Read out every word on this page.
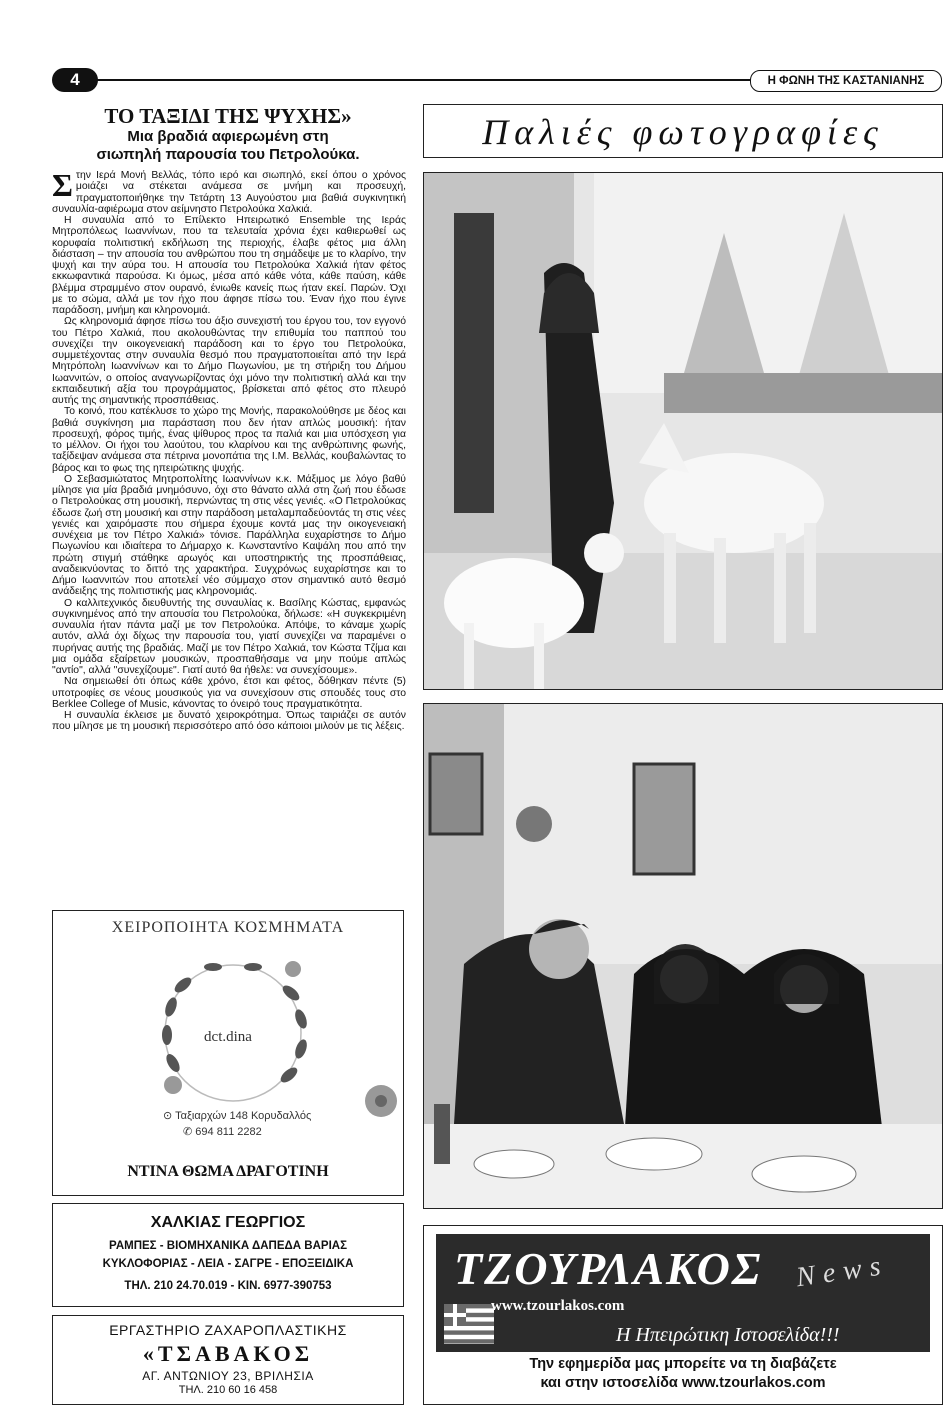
4	Η ΦΩΝΗ ΤΗΣ ΚΑΣΤΑΝΙΑΝΗΣ
ΤΟ ΤΑΞΙΔΙ ΤΗΣ ΨΥΧΗΣ»
Μια βραδιά αφιερωμένη στη
σιωπηλή παρουσία του Πετρολούκα.

Στην Ιερά Μονή Βελλάς, τόπο ιερό και σιωπηλό, εκεί όπου ο χρόνος μοιάζει να στέκεται ανάμεσα σε μνήμη και προσευχή, πραγματοποιήθηκε την Τετάρτη 13 Αυγούστου μια βαθιά συγκινητική συναυλία-αφιέρωμα στον αείμνηστο Πετρολούκα Χαλκιά.

Η συναυλία από το Επίλεκτο Ηπειρωτικό Ensemble της Ιεράς Μητροπόλεως Ιωαννίνων, που τα τελευταία χρόνια έχει καθιερωθεί ως κορυφαία πολιτιστική εκδήλωση της περιοχής, έλαβε φέτος μια άλλη διάσταση – την απουσία του ανθρώπου που τη σημάδεψε με το κλαρίνο, την ψυχή και την αύρα του. Η απουσία του Πετρολούκα Χαλκιά ήταν φέτος εκκωφαντικά παρούσα. Κι όμως, μέσα από κάθε νότα, κάθε παύση, κάθε βλέμμα στραμμένο στον ουρανό, ένιωθε κανείς πως ήταν εκεί. Παρών. Όχι με το σώμα, αλλά με τον ήχο που άφησε πίσω του. Έναν ήχο που έγινε παράδοση, μνήμη και κληρονομιά.

Ως κληρονομιά άφησε πίσω του άξιο συνεχιστή του έργου του, τον εγγονό του Πέτρο Χαλκιά, που ακολουθώντας την επιθυμία του παππού του συνεχίζει την οικογενειακή παράδοση και το έργο του Πετρολούκα, συμμετέχοντας στην συναυλία θεσμό που πραγματοποιείται από την Ιερά Μητρόπολη Ιωαννίνων και το Δήμο Πωγωνίου, με τη στήριξη του Δήμου Ιωαννιτών, ο οποίος αναγνωρίζοντας όχι μόνο την πολιτιστική αλλά και την εκπαιδευτική αξία του προγράμματος, βρίσκεται από φέτος στο πλευρό αυτής της σημαντικής προσπάθειας.

Το κοινό, που κατέκλυσε το χώρο της Μονής, παρακολούθησε με δέος και βαθιά συγκίνηση μια παράσταση που δεν ήταν απλώς μουσική: ήταν προσευχή, φόρος τιμής, ένας ψίθυρος προς τα παλιά και μια υπόσχεση για το μέλλον. Οι ήχοι του λαούτου, του κλαρίνου και της ανθρώπινης φωνής, ταξίδεψαν ανάμεσα στα πέτρινα μονοπάτια της Ι.Μ. Βελλάς, κουβαλώντας το βάρος και το φως της ηπειρώτικης ψυχής.

Ο Σεβασμιώτατος Μητροπολίτης Ιωαννίνων κ.κ. Μάξιμος με λόγο βαθύ μίλησε για μία βραδιά μνημόσυνο, όχι στο θάνατο αλλά στη ζωή που έδωσε ο Πετρολούκας στη μουσική, περνώντας τη στις νέες γενιές. «Ο Πετρολούκας έδωσε ζωή στη μουσική και στην παράδοση μεταλαμπαδεύοντάς τη στις νέες γενιές και χαιρόμαστε που σήμερα έχουμε κοντά μας την οικογενειακή συνέχεια με τον Πέτρο Χαλκιά» τόνισε. Παράλληλα ευχαρίστησε το Δήμο Πωγωνίου και ιδιαίτερα το Δήμαρχο κ. Κωνσταντίνο Καψάλη που από την πρώτη στιγμή στάθηκε αρωγός και υποστηρικτής της προσπάθειας, αναδεικνύοντας το διττό της χαρακτήρα. Συγχρόνως ευχαρίστησε και το Δήμο Ιωαννιτών που αποτελεί νέο σύμμαχο στον σημαντικό αυτό θεσμό ανάδειξης της πολιτιστικής μας κληρονομιάς.

Ο καλλιτεχνικός διευθυντής της συναυλίας κ. Βασίλης Κώστας, εμφανώς συγκινημένος από την απουσία του Πετρολούκα, δήλωσε: «Η συγκεκριμένη συναυλία ήταν πάντα μαζί με τον Πετρολούκα. Απόψε, το κάναμε χωρίς αυτόν, αλλά όχι δίχως την παρουσία του, γιατί συνεχίζει να παραμένει ο πυρήνας αυτής της βραδιάς. Μαζί με τον Πέτρο Χαλκιά, τον Κώστα Τζίμα και μια ομάδα εξαίρετων μουσικών, προσπαθήσαμε να μην πούμε απλώς "αντίο", αλλά "συνεχίζουμε". Γιατί αυτό θα ήθελε: να συνεχίσουμε».

Να σημειωθεί ότι όπως κάθε χρόνο, έτσι και φέτος, δόθηκαν πέντε (5) υποτροφίες σε νέους μουσικούς για να συνεχίσουν στις σπουδές τους στο Berklee College of Music, κάνοντας το όνειρό τους πραγματικότητα.

Η συναυλία έκλεισε με δυνατό χειροκρότημα. Όπως ταιριάζει σε αυτόν που μίλησε με τη μουσική περισσότερο από όσο κάποιοι μιλούν με τις λέξεις.

ΧΕΙΡΟΠΟΙΗΤΑ ΚΟΣΜΗΜΑΤΑ
dct.dina
⊙ Ταξιαρχών 148 Κορυδαλλός
✆ 694 811 2282
ΝΤΙΝΑ ΘΩΜΑ ΔΡΑΓΟΤΙΝΗ
ΧΑΛΚΙΑΣ ΓΕΩΡΓΙΟΣ
ΡΑΜΠΕΣ - ΒΙΟΜΗΧΑΝΙΚΑ ΔΑΠΕΔΑ ΒΑΡΙΑΣ
ΚΥΚΛΟΦΟΡΙΑΣ - ΛΕΙΑ - ΣΑΓΡΕ - ΕΠΟΞΕΙΔΙΚΑ
ΤΗΛ. 210 24.70.019 - ΚΙΝ. 6977-390753
ΕΡΓΑΣΤΗΡΙΟ ΖΑΧΑΡΟΠΛΑΣΤΙΚΗΣ
«ΤΣΑΒΑΚΟΣ
ΑΓ. ΑΝΤΩΝΙΟΥ 23, ΒΡΙΛΗΣΙΑ
ΤΗΛ. 210 60 16 458
Παλιές φωτογραφίες
ΤΖΟΥΡΛΑΚΟΣ News
www.tzourlakos.com
Η Ηπειρώτικη Ιστοσελίδα!!!
Την εφημερίδα μας μπορείτε να τη διαβάζετε
και στην ιστοσελίδα www.tzourlakos.com
